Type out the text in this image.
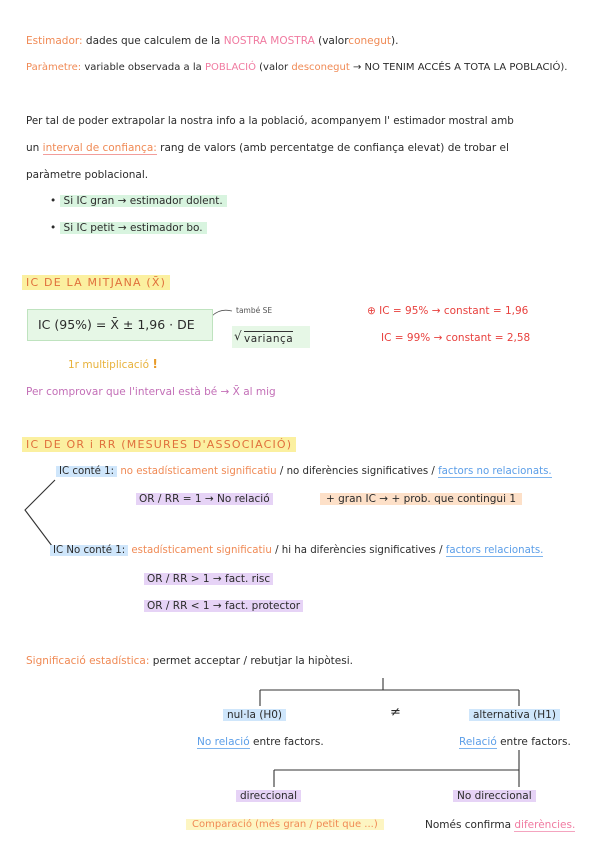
Estimador: dades que calculem de la NOSTRA MOSTRA (valorconegut).
Paràmetre: variable observada a la POBLACIÓ (valor desconegut → NO TENIM ACCÉS A TOTA LA POBLACIÓ).
Per tal de poder extrapolar la nostra info a la població, acompanyem l' estimador mostral amb
un interval de confiança: rang de valors (amb percentatge de confiança elevat) de trobar el
paràmetre poblacional.
• Si IC gran → estimador dolent.
• Si IC petit → estimador bo.
IC DE LA MITJANA (X̄)
IC (95%) = X̄ ± 1,96 · DE
també SE
√ variança
⊕ IC = 95% → constant = 1,96
IC = 99% → constant = 2,58
1r multiplicació !
Per comprovar que l'interval està bé → X̄ al mig
IC DE OR i RR (MESURES D'ASSOCIACIÓ)
IC conté 1: no estadísticament significatiu / no diferències significatives / factors no relacionats.
OR / RR = 1 → No relació	+ gran IC → + prob. que contingui 1
IC No conté 1: estadísticament significatiu / hi ha diferències significatives / factors relacionats.
OR / RR > 1 → fact. risc
OR / RR < 1 → fact. protector
Significació estadística: permet acceptar / rebutjar la hipòtesi.
nul·la (H0)	≠	alternativa (H1)
No relació entre factors.	Relació entre factors.
direccional	No direccional
Comparació (més gran / petit que ...)	Només confirma diferències.
